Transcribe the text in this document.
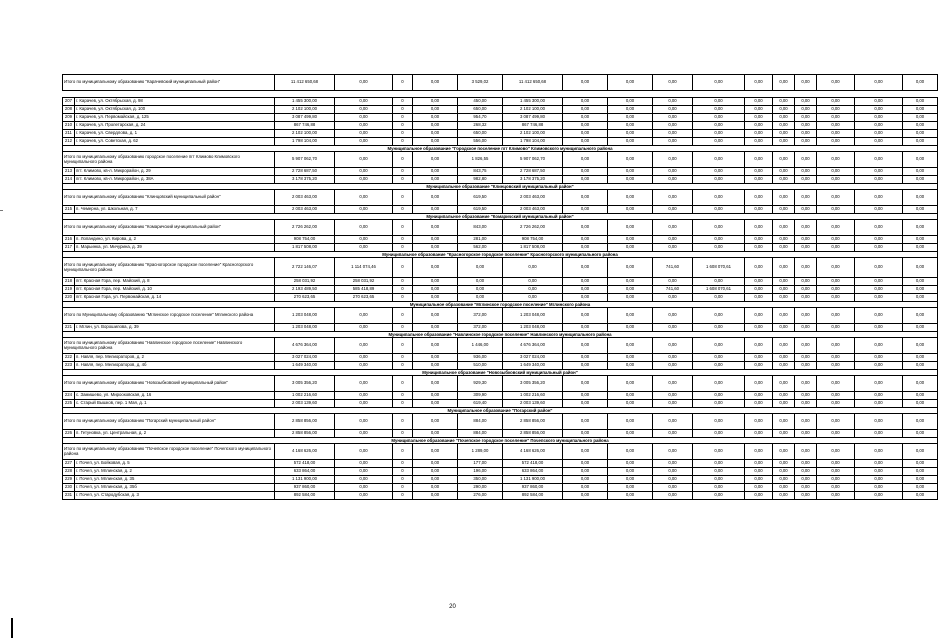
Итого по муниципальному образованию "Карачевский муниципальный район"		11 412 650,68	0,00	0	0,00	3 529,02	11 412 650,68	0,00	0,00	0,00	0,00	0,00	0,00	0,00	0,00	0,00	0,00

207	г. Карачев, ул. Октябрьская, д. 98	1 455 300,00	0,00	0	0,00	450,00	1 455 300,00	0,00	0,00	0,00	0,00	0,00	0,00	0,00	0,00	0,00	0,00
208	г. Карачев, ул. Октябрьская, д. 100	2 102 100,00	0,00	0	0,00	650,00	2 102 100,00	0,00	0,00	0,00	0,00	0,00	0,00	0,00	0,00	0,00	0,00
209	г. Карачев, ул. Первомайская, д. 125	3 087 499,80	0,00	0	0,00	954,70	3 087 499,80	0,00	0,00	0,00	0,00	0,00	0,00	0,00	0,00	0,00	0,00
210	г. Карачев, ул. Пролетарская, д. 24	867 746,88	0,00	0	0,00	268,32	867 746,88	0,00	0,00	0,00	0,00	0,00	0,00	0,00	0,00	0,00	0,00
211	г. Карачев, ул. Свердлова, д. 1	2 102 100,00	0,00	0	0,00	650,00	2 102 100,00	0,00	0,00	0,00	0,00	0,00	0,00	0,00	0,00	0,00	0,00
212	г. Карачев, ул. Советская, д. 62	1 798 104,00	0,00	0	0,00	556,00	1 798 104,00	0,00	0,00	0,00	0,00	0,00	0,00	0,00	0,00	0,00	0,00
Муниципальное образование "Городское поселение пгт Климово" Климовского муниципального района																	
Итого по муниципальному образованию городское поселение пгт Климово Климовского муниципального района		5 907 062,70	0,00	0	0,00	1 826,55	5 907 062,70	0,00	0,00	0,00	0,00	0,00	0,00	0,00	0,00	0,00	0,00
213	пгт. Климово, кв-л. Микрорайон, д. 29	2 728 687,50	0,00	0	0,00	843,75	2 728 687,50	0,00	0,00	0,00	0,00	0,00	0,00	0,00	0,00	0,00	0,00
214	пгт. Климово, кв-л. Микрорайон, д. 38А	3 178 375,20	0,00	0	0,00	982,80	3 178 375,20	0,00	0,00	0,00	0,00	0,00	0,00	0,00	0,00	0,00	0,00
Муниципальное образование "Клинцовский муниципальный район"																	
Итого по муниципальному образованию "Клинцовский муниципальный район"		2 003 463,00	0,00	0	0,00	619,50	2 003 463,00	0,00	0,00	0,00	0,00	0,00	0,00	0,00	0,00	0,00	0,00
215	п. Чемерна, ул. Школьная, д. 7	2 003 463,00	0,00	0	0,00	619,50	2 003 463,00	0,00	0,00	0,00	0,00	0,00	0,00	0,00	0,00	0,00	0,00
Муниципальное образование "Комаричский муниципальный район"																	
Итого по муниципальному образованию "Комаричский муниципальный район"		2 726 262,00	0,00	0	0,00	843,00	2 726 262,00	0,00	0,00	0,00	0,00	0,00	0,00	0,00	0,00	0,00	0,00
216	п. Лопандино, ул. Кирова, д. 2	908 754,00	0,00	0	0,00	281,00	908 754,00	0,00	0,00	0,00	0,00	0,00	0,00	0,00	0,00	0,00	0,00
217	п. Марьинка, ул. Мичурина, д. 39	1 817 508,00	0,00	0	0,00	562,00	1 817 508,00	0,00	0,00	0,00	0,00	0,00	0,00	0,00	0,00	0,00	0,00
Муниципальное образование "Красногорское городское поселение" Красногорского муниципального района																	
Итого по муниципальному образованию "Красногорское городское поселение" Красногорского муниципального района		2 722 146,07	1 114 074,46	0	0,00	0,00	0,00	0,00	0,00	741,60	1 608 070,61	0,00	0,00	0,00	0,00	0,00	0,00
218	пгт. Красная Гора, пер. Майский, д. 8	258 031,92	258 031,92	0	0,00	0,00	0,00	0,00	0,00	0,00	0,00	0,00	0,00	0,00	0,00	0,00	0,00
219	пгт. Красная Гора, пер. Майский, д. 10	2 193 489,50	585 418,89	0	0,00	0,00	0,00	0,00	0,00	741,60	1 608 070,61	0,00	0,00	0,00	0,00	0,00	0,00
220	пгт. Красная Гора, ул. Первомайская, д. 14	270 623,65	270 623,65	0	0,00	0,00	0,00	0,00	0,00	0,00	0,00	0,00	0,00	0,00	0,00	0,00	0,00
Муниципальное образование "Мглинское городское поселение" Мглинского района																	
Итого по Муниципальному образованию "Мглинское городское поселение" Мглинского района		1 203 048,00	0,00	0	0,00	372,00	1 203 048,00	0,00	0,00	0,00	0,00	0,00	0,00	0,00	0,00	0,00	0,00
221	г. Мглин, ул. Ворошилова, д. 39	1 203 048,00	0,00	0	0,00	372,00	1 203 048,00	0,00	0,00	0,00	0,00	0,00	0,00	0,00	0,00	0,00	0,00
Муниципальное образование "Навлинское городское поселение" Навлинского муниципального района																	
Итого по муниципальному образованию "Навлинское городское поселение" Навлинского муниципального района		4 676 364,00	0,00	0	0,00	1 446,00	4 676 364,00	0,00	0,00	0,00	0,00	0,00	0,00	0,00	0,00	0,00	0,00
222	п. Навля, пер. Мелиораторов, д. 2	3 027 024,00	0,00	0	0,00	936,00	3 027 024,00	0,00	0,00	0,00	0,00	0,00	0,00	0,00	0,00	0,00	0,00
223	п. Навля, пер. Мелиораторов, д. 4б	1 649 340,00	0,00	0	0,00	510,00	1 649 340,00	0,00	0,00	0,00	0,00	0,00	0,00	0,00	0,00	0,00	0,00
Муниципальное образование "Новозыбковский муниципальный район"																	
Итого по муниципальному образованию "Новозыбковский муниципальный район"		3 005 356,20	0,00	0	0,00	929,30	3 005 356,20	0,00	0,00	0,00	0,00	0,00	0,00	0,00	0,00	0,00	0,00
224	с. Замишево, ул. Мирооковская, д. 16	1 002 216,60	0,00	0	0,00	309,90	1 002 216,60	0,00	0,00	0,00	0,00	0,00	0,00	0,00	0,00	0,00	0,00
225	с. Старый Вышков, пер. 1 Мая, д. 1	2 003 139,60	0,00	0	0,00	619,40	2 003 139,60	0,00	0,00	0,00	0,00	0,00	0,00	0,00	0,00	0,00	0,00
Муниципальное образование "Погарский район"																	
Итого по муниципальному образованию "Погарский муниципальный район"		2 858 856,00	0,00	0	0,00	884,00	2 858 856,00	0,00	0,00	0,00	0,00	0,00	0,00	0,00	0,00	0,00	0,00
226	п. Гетуновка, ул. Центральная, д. 2	2 858 856,00	0,00	0	0,00	884,00	2 858 856,00	0,00	0,00	0,00	0,00	0,00	0,00	0,00	0,00	0,00	0,00
Муниципальное образование "Почепское городское поселение" Почепского муниципального района																	
Итого по муниципальному образованию "Почепское городское поселение" Почепского муниципального района		4 168 626,00	0,00	0	0,00	1 289,00	4 168 626,00	0,00	0,00	0,00	0,00	0,00	0,00	0,00	0,00	0,00	0,00
227	г. Почеп, ул. Бойковая, д. 5	572 418,00	0,00	0	0,00	177,00	572 418,00	0,00	0,00	0,00	0,00	0,00	0,00	0,00	0,00	0,00	0,00
228	г. Почеп, ул. Мглинская, д. 2	633 864,00	0,00	0	0,00	196,00	633 864,00	0,00	0,00	0,00	0,00	0,00	0,00	0,00	0,00	0,00	0,00
229	г. Почеп, ул. Мглинская, д. 35	1 131 900,00	0,00	0	0,00	350,00	1 131 900,00	0,00	0,00	0,00	0,00	0,00	0,00	0,00	0,00	0,00	0,00
230	г. Почеп, ул. Мглинская, д. 35б	937 860,00	0,00	0	0,00	290,00	937 860,00	0,00	0,00	0,00	0,00	0,00	0,00	0,00	0,00	0,00	0,00
231	г. Почеп, ул. Стародубская, д. 3	892 584,00	0,00	0	0,00	276,00	892 584,00	0,00	0,00	0,00	0,00	0,00	0,00	0,00	0,00	0,00	0,00
20
